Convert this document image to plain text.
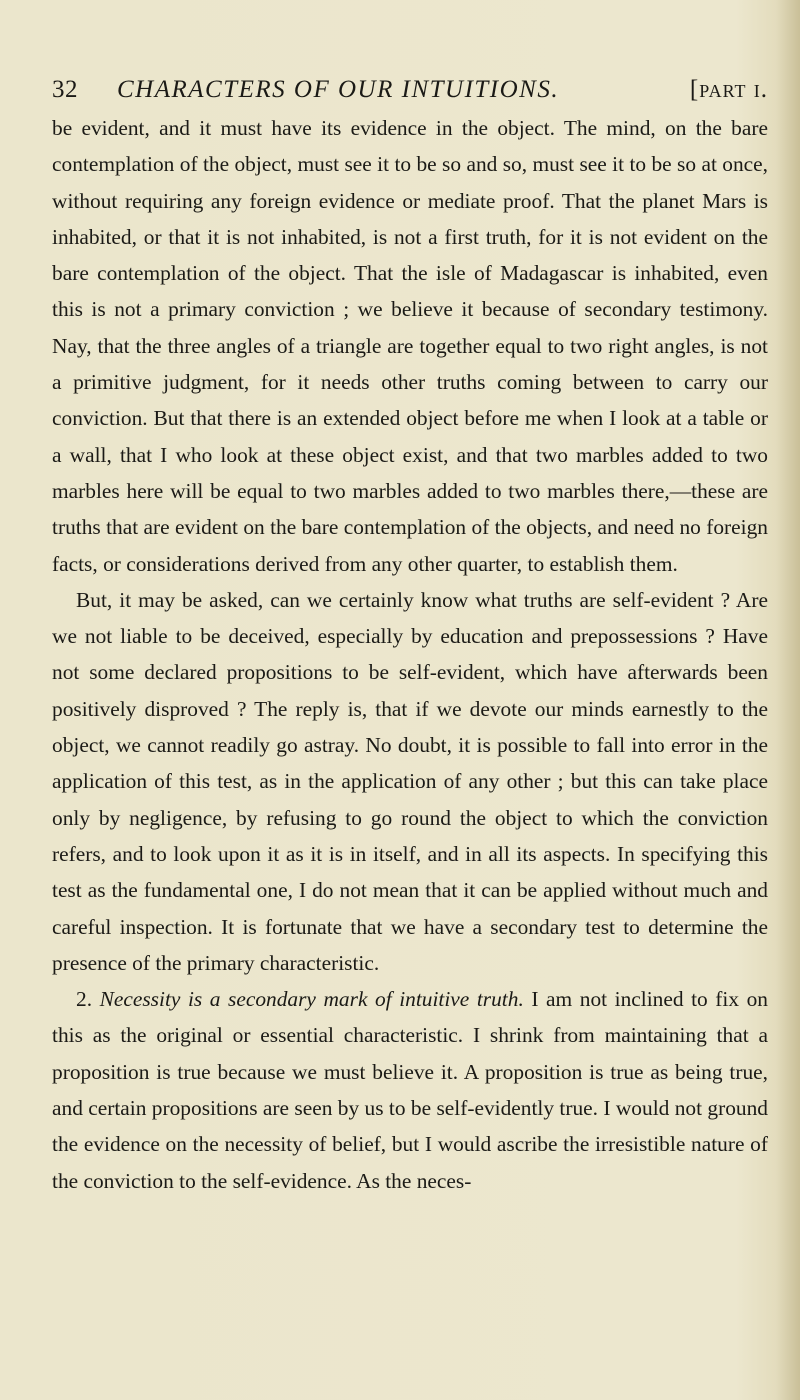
32 CHARACTERS OF OUR INTUITIONS.	[part i.

be evident, and it must have its evidence in the object. The mind, on the bare contemplation of the object, must see it to be so and so, must see it to be so at once, without requiring any foreign evidence or mediate proof. That the planet Mars is inhabited, or that it is not inhabited, is not a first truth, for it is not evident on the bare contemplation of the object. That the isle of Madagascar is inhabited, even this is not a primary conviction ; we believe it because of secondary testimony. Nay, that the three angles of a triangle are together equal to two right angles, is not a primitive judgment, for it needs other truths coming between to carry our conviction. But that there is an extended object before me when I look at a table or a wall, that I who look at these object exist, and that two marbles added to two marbles here will be equal to two marbles added to two marbles there,—these are truths that are evident on the bare contemplation of the objects, and need no foreign facts, or considerations derived from any other quarter, to establish them.

But, it may be asked, can we certainly know what truths are self-evident ? Are we not liable to be deceived, especially by education and prepossessions ? Have not some declared propositions to be self-evident, which have afterwards been positively disproved ? The reply is, that if we devote our minds earnestly to the object, we cannot readily go astray. No doubt, it is possible to fall into error in the application of this test, as in the application of any other ; but this can take place only by negligence, by refusing to go round the object to which the conviction refers, and to look upon it as it is in itself, and in all its aspects. In specifying this test as the fundamental one, I do not mean that it can be applied without much and careful inspection. It is fortunate that we have a secondary test to determine the presence of the primary characteristic.

2. Necessity is a secondary mark of intuitive truth. I am not inclined to fix on this as the original or essential characteristic. I shrink from maintaining that a proposition is true because we must believe it. A proposition is true as being true, and certain propositions are seen by us to be self-evidently true. I would not ground the evidence on the necessity of belief, but I would ascribe the irresistible nature of the conviction to the self-evidence. As the neces-
